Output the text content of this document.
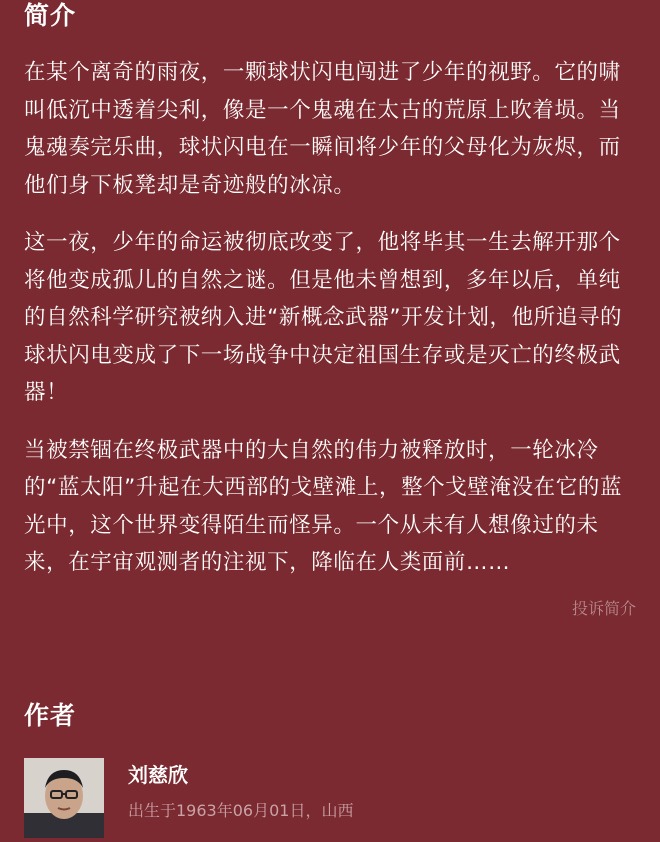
简介

在某个离奇的雨夜，一颗球状闪电闯进了少年的视野。它的啸叫低沉中透着尖利，像是一个鬼魂在太古的荒原上吹着埙。当鬼魂奏完乐曲，球状闪电在一瞬间将少年的父母化为灰烬，而他们身下板凳却是奇迹般的冰凉。

这一夜，少年的命运被彻底改变了，他将毕其一生去解开那个将他变成孤儿的自然之谜。但是他未曾想到，多年以后，单纯的自然科学研究被纳入进“新概念武器”开发计划，他所追寻的球状闪电变成了下一场战争中决定祖国生存或是灭亡的终极武器！

当被禁锢在终极武器中的大自然的伟力被释放时，一轮冰冷的“蓝太阳”升起在大西部的戈壁滩上，整个戈壁淹没在它的蓝光中，这个世界变得陌生而怪异。一个从未有人想像过的未来，在宇宙观测者的注视下，降临在人类面前……

投诉简介
作者
刘慈欣
出生于1963年06月01日，山西
